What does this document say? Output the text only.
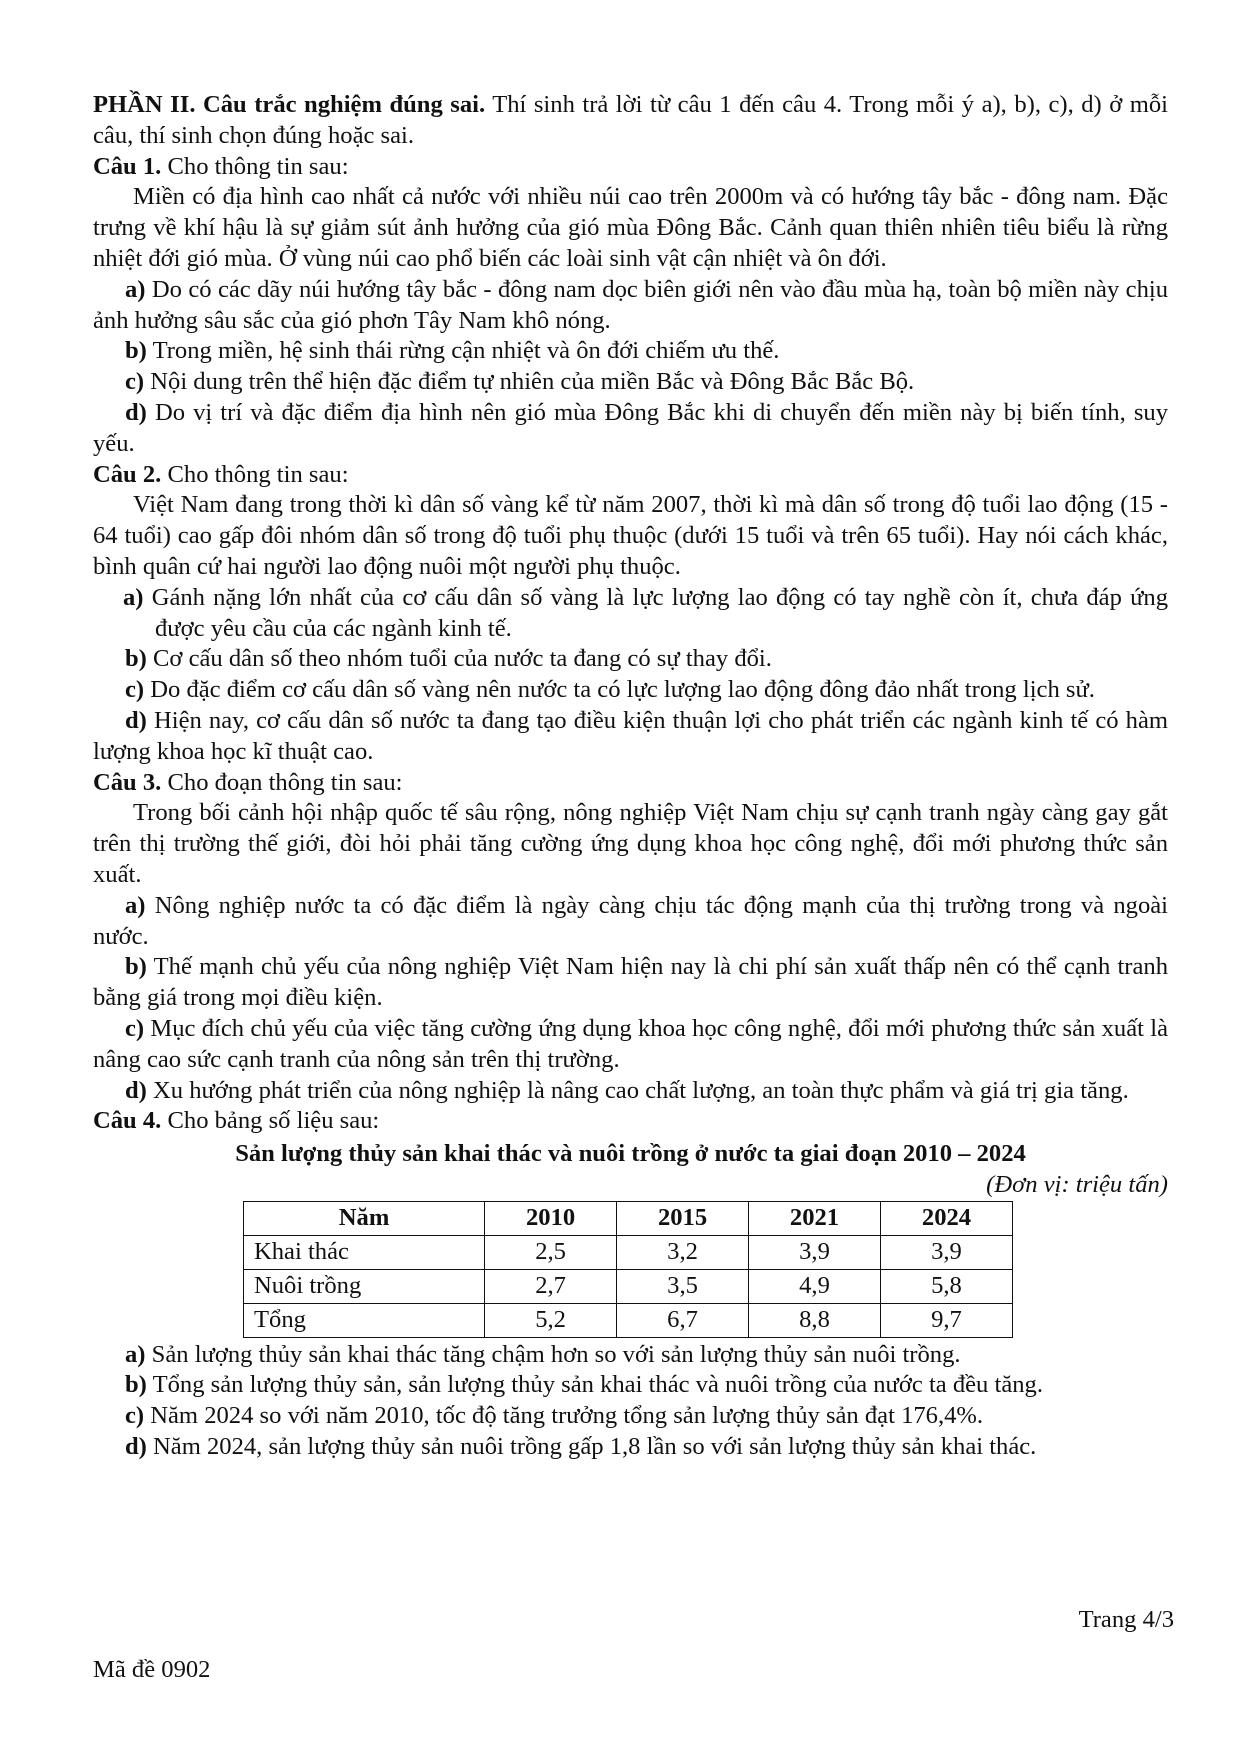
PHẦN II. Câu trắc nghiệm đúng sai. Thí sinh trả lời từ câu 1 đến câu 4. Trong mỗi ý a), b), c), d) ở mỗi câu, thí sinh chọn đúng hoặc sai.

Câu 1. Cho thông tin sau:

Miền có địa hình cao nhất cả nước với nhiều núi cao trên 2000m và có hướng tây bắc - đông nam. Đặc trưng về khí hậu là sự giảm sút ảnh hưởng của gió mùa Đông Bắc. Cảnh quan thiên nhiên tiêu biểu là rừng nhiệt đới gió mùa. Ở vùng núi cao phổ biến các loài sinh vật cận nhiệt và ôn đới.

a) Do có các dãy núi hướng tây bắc - đông nam dọc biên giới nên vào đầu mùa hạ, toàn bộ miền này chịu ảnh hưởng sâu sắc của gió phơn Tây Nam khô nóng.

b) Trong miền, hệ sinh thái rừng cận nhiệt và ôn đới chiếm ưu thế.

c) Nội dung trên thể hiện đặc điểm tự nhiên của miền Bắc và Đông Bắc Bắc Bộ.

d) Do vị trí và đặc điểm địa hình nên gió mùa Đông Bắc khi di chuyển đến miền này bị biến tính, suy yếu.

Câu 2. Cho thông tin sau:

Việt Nam đang trong thời kì dân số vàng kể từ năm 2007, thời kì mà dân số trong độ tuổi lao động (15 - 64 tuổi) cao gấp đôi nhóm dân số trong độ tuổi phụ thuộc (dưới 15 tuổi và trên 65 tuổi). Hay nói cách khác, bình quân cứ hai người lao động nuôi một người phụ thuộc.

a) Gánh nặng lớn nhất của cơ cấu dân số vàng là lực lượng lao động có tay nghề còn ít, chưa đáp ứng được yêu cầu của các ngành kinh tế.

b) Cơ cấu dân số theo nhóm tuổi của nước ta đang có sự thay đổi.

c) Do đặc điểm cơ cấu dân số vàng nên nước ta có lực lượng lao động đông đảo nhất trong lịch sử.

d) Hiện nay, cơ cấu dân số nước ta đang tạo điều kiện thuận lợi cho phát triển các ngành kinh tế có hàm lượng khoa học kĩ thuật cao.

Câu 3. Cho đoạn thông tin sau:

Trong bối cảnh hội nhập quốc tế sâu rộng, nông nghiệp Việt Nam chịu sự cạnh tranh ngày càng gay gắt trên thị trường thế giới, đòi hỏi phải tăng cường ứng dụng khoa học công nghệ, đổi mới phương thức sản xuất.

a) Nông nghiệp nước ta có đặc điểm là ngày càng chịu tác động mạnh của thị trường trong và ngoài nước.

b) Thế mạnh chủ yếu của nông nghiệp Việt Nam hiện nay là chi phí sản xuất thấp nên có thể cạnh tranh bằng giá trong mọi điều kiện.

c) Mục đích chủ yếu của việc tăng cường ứng dụng khoa học công nghệ, đổi mới phương thức sản xuất là nâng cao sức cạnh tranh của nông sản trên thị trường.

d) Xu hướng phát triển của nông nghiệp là nâng cao chất lượng, an toàn thực phẩm và giá trị gia tăng.

Câu 4. Cho bảng số liệu sau:

Sản lượng thủy sản khai thác và nuôi trồng ở nước ta giai đoạn 2010 – 2024

(Đơn vị: triệu tấn)

Năm	2010	2015	2021	2024
Khai thác	2,5	3,2	3,9	3,9
Nuôi trồng	2,7	3,5	4,9	5,8
Tổng	5,2	6,7	8,8	9,7

a) Sản lượng thủy sản khai thác tăng chậm hơn so với sản lượng thủy sản nuôi trồng.

b) Tổng sản lượng thủy sản, sản lượng thủy sản khai thác và nuôi trồng của nước ta đều tăng.

c) Năm 2024 so với năm 2010, tốc độ tăng trưởng tổng sản lượng thủy sản đạt 176,4%.

d) Năm 2024, sản lượng thủy sản nuôi trồng gấp 1,8 lần so với sản lượng thủy sản khai thác.

Trang 4/3
Mã đề 0902
